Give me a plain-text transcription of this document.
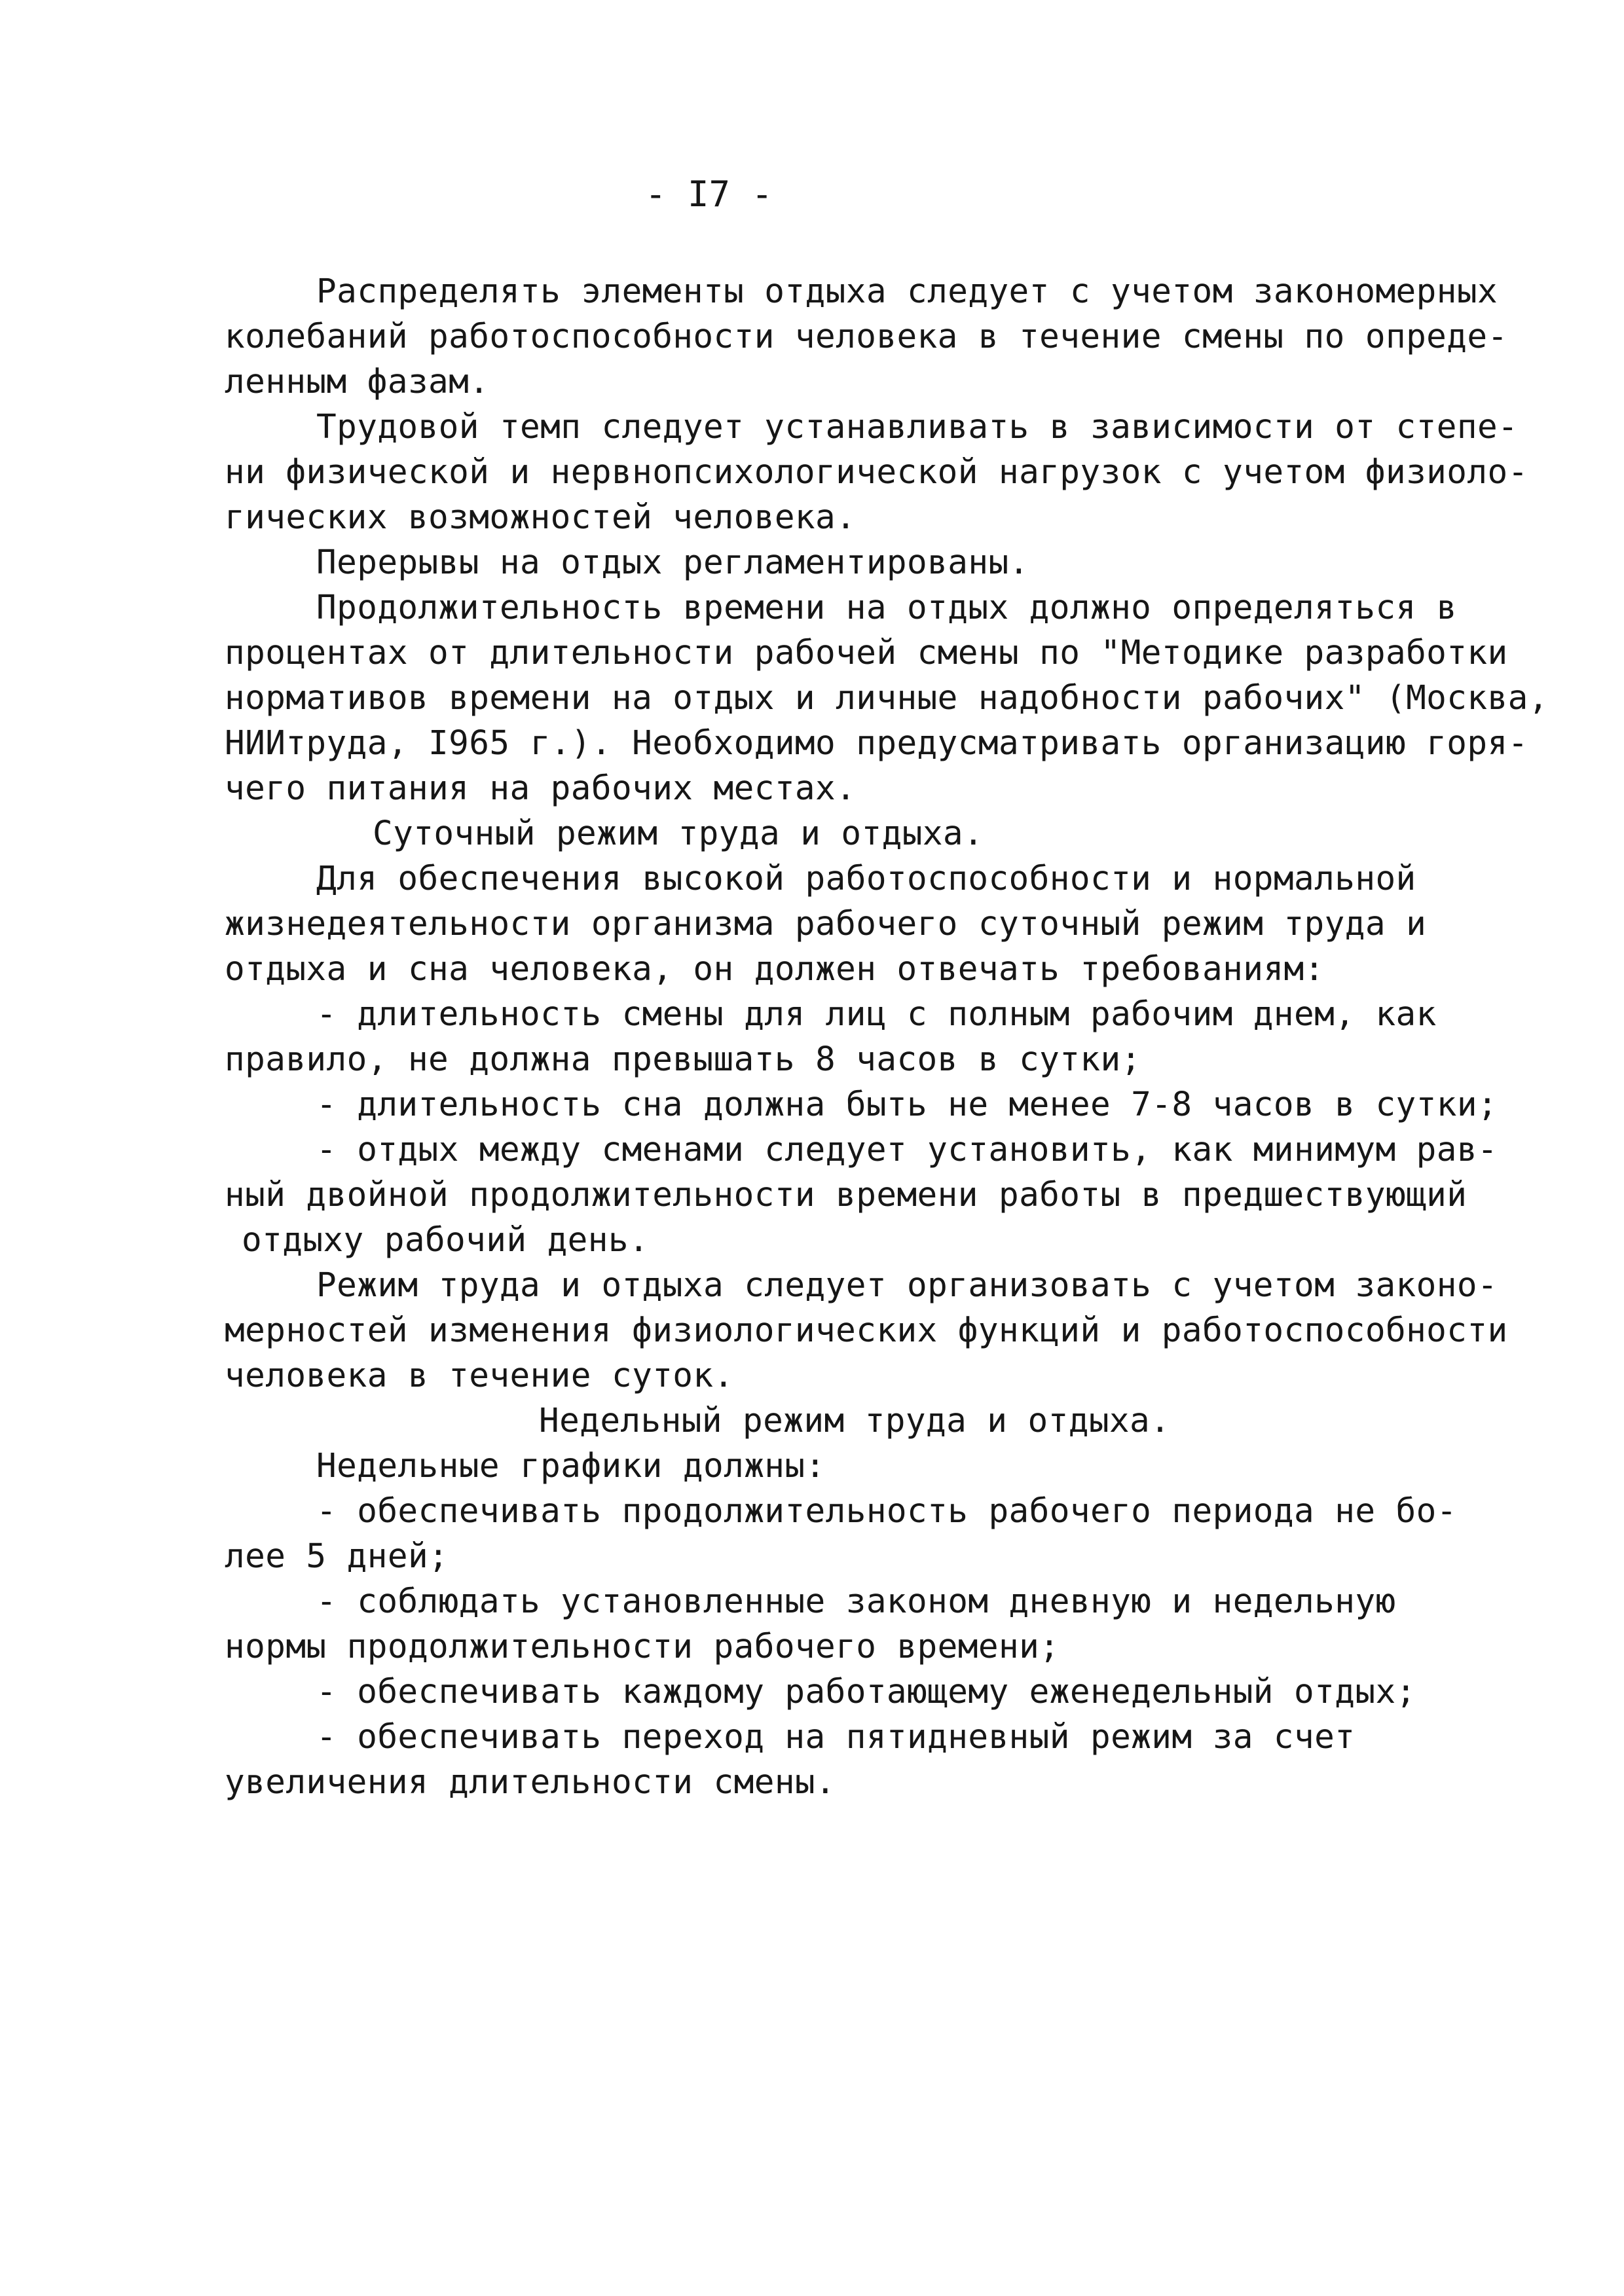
- I7 -
Распределять элементы отдыха следует с учетом закономерных
колебаний работоспособности человека в течение смены по опреде-
ленным фазам.
Трудовой темп следует устанавливать в зависимости от степе-
ни физической и нервнопсихологической нагрузок с учетом физиоло-
гических возможностей человека.
Перерывы на отдых регламентированы.
Продолжительность времени на отдых должно определяться в
процентах от длительности рабочей смены по "Методике разработки
нормативов времени на отдых и личные надобности рабочих" (Москва,
НИИтруда, I965 г.). Необходимо предусматривать организацию горя-
чего питания на рабочих местах.
Суточный режим труда и отдыха.
Для обеспечения высокой работоспособности и нормальной
жизнедеятельности организма рабочего суточный режим труда и
отдыха и сна человека, он должен отвечать требованиям:
- длительность смены для лиц с полным рабочим днем, как
правило, не должна превышать 8 часов в сутки;
- длительность сна должна быть не менее 7-8 часов в сутки;
- отдых между сменами следует установить, как минимум рав-
ный двойной продолжительности времени работы в предшествующий
отдыху рабочий день.
Режим труда и отдыха следует организовать с учетом законо-
мерностей изменения физиологических функций и работоспособности
человека в течение суток.
Недельный режим труда и отдыха.
Недельные графики должны:
- обеспечивать продолжительность рабочего периода не бо-
лее 5 дней;
- соблюдать установленные законом дневную и недельную
нормы продолжительности рабочего времени;
- обеспечивать каждому работающему еженедельный отдых;
- обеспечивать переход на пятидневный режим за счет
увеличения длительности смены.
